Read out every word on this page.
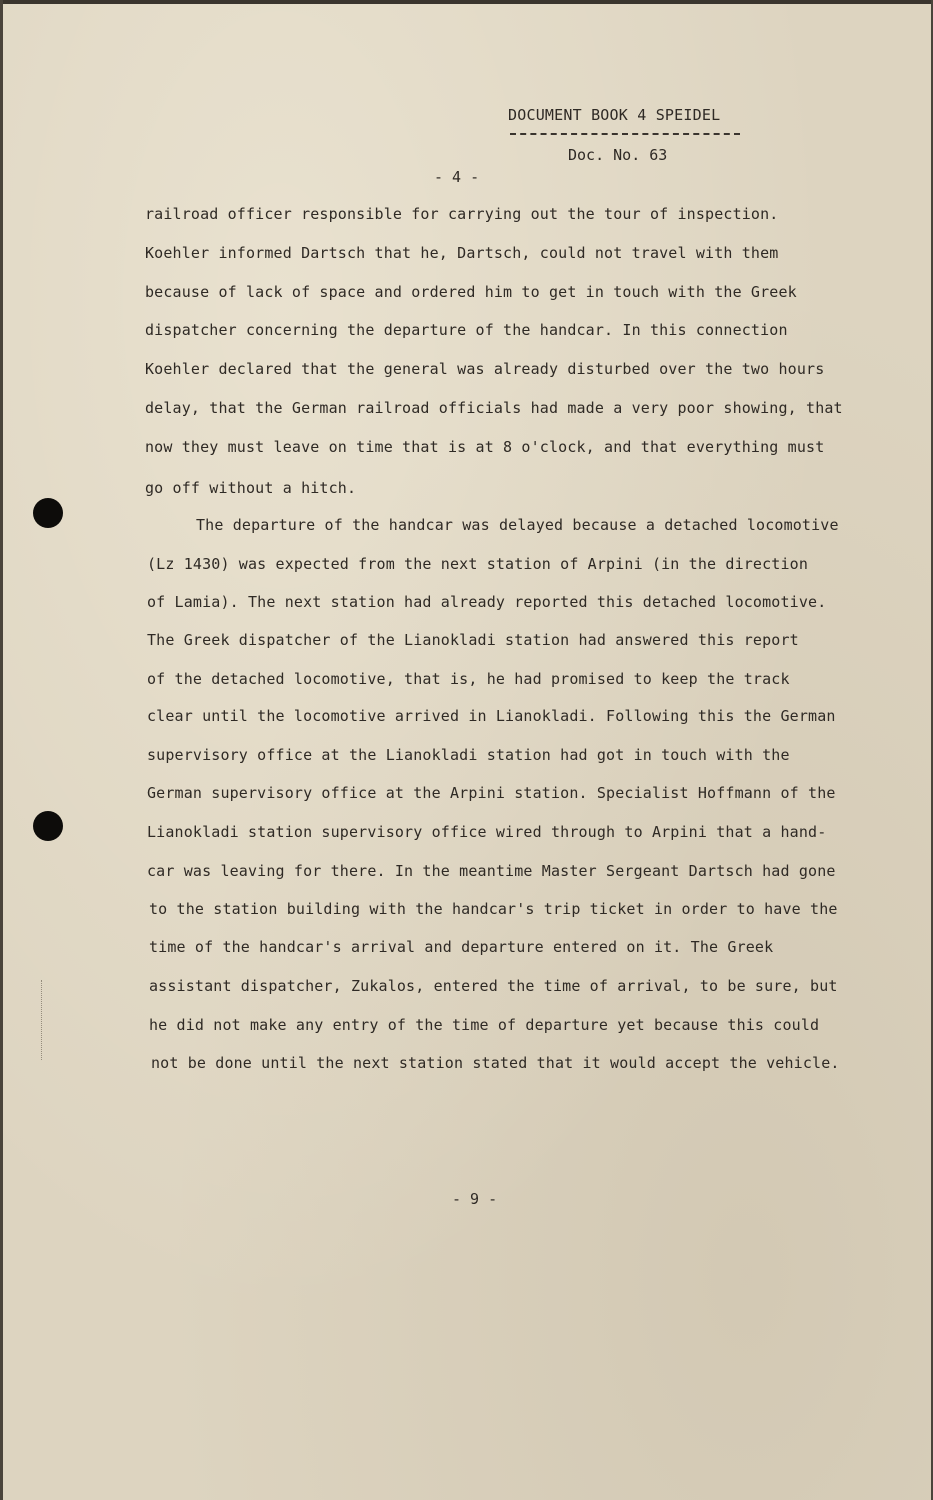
DOCUMENT BOOK 4 SPEIDEL
Doc. No. 63
- 4 -
railroad officer responsible for carrying out the tour of inspection.
Koehler informed Dartsch that he, Dartsch, could not travel with them
because of lack of space and ordered him to get in touch with the Greek
dispatcher concerning the departure of the handcar. In this connection
Koehler declared that the general was already disturbed over the two hours
delay, that the German railroad officials had made a very poor showing, that
now they must leave on time that is at 8 o'clock, and that everything must
go off without a hitch.
The departure of the handcar was delayed because a detached locomotive
(Lz 1430) was expected from the next station of Arpini (in the direction
of Lamia). The next station had already reported this detached locomotive.
The Greek dispatcher of the Lianokladi station had answered this report
of the detached locomotive, that is, he had promised to keep the track
clear until the locomotive arrived in Lianokladi. Following this the German
supervisory office at the Lianokladi station had got in touch with the
German supervisory office at the Arpini station. Specialist Hoffmann of the
Lianokladi station supervisory office wired through to Arpini that a hand-
car was leaving for there. In the meantime Master Sergeant Dartsch had gone
to the station building with the handcar's trip ticket in order to have the
time of the handcar's arrival and departure entered on it. The Greek
assistant dispatcher, Zukalos, entered the time of arrival, to be sure, but
he did not make any entry of the time of departure yet because this could
not be done until the next station stated that it would accept the vehicle.
- 9 -
